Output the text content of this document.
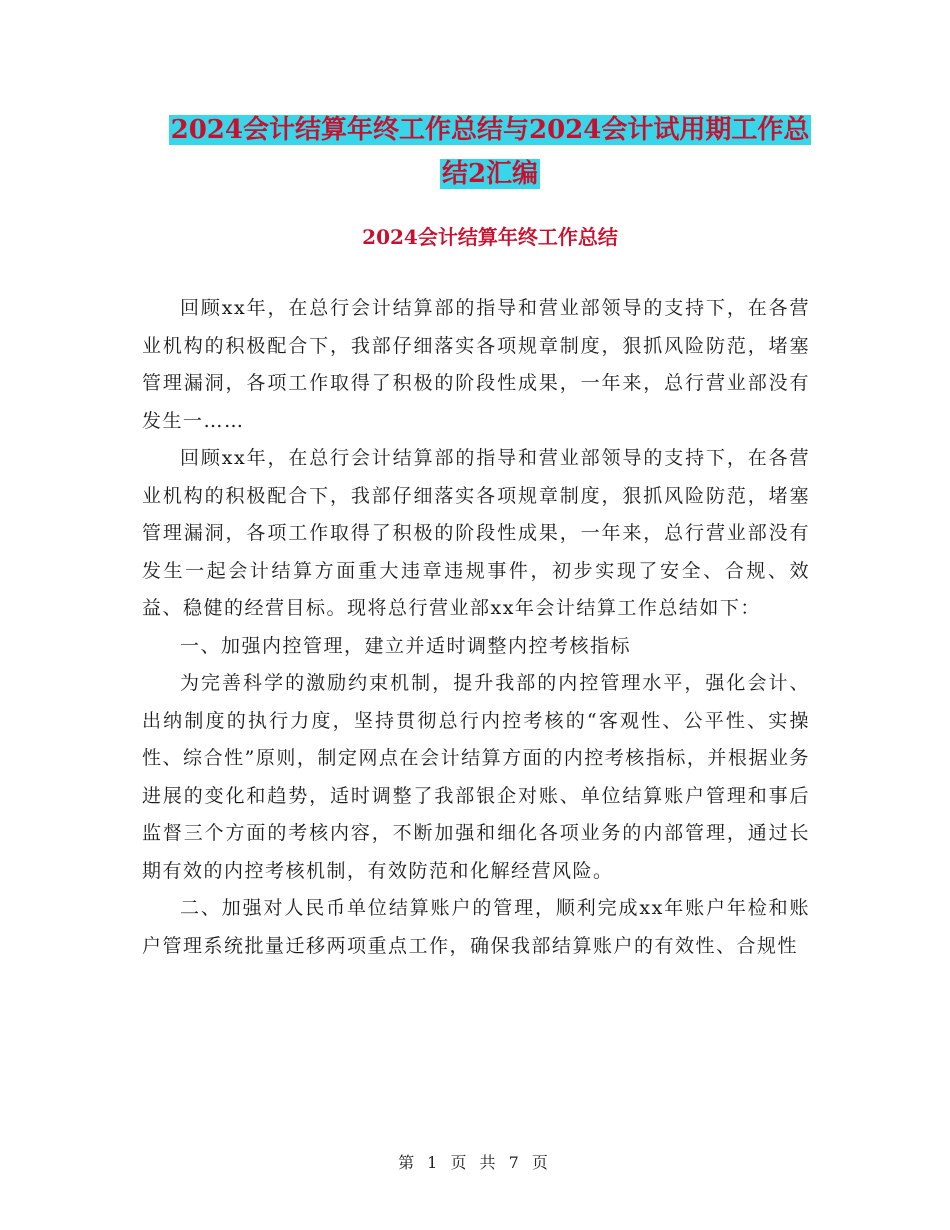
2024会计结算年终工作总结与2024会计试用期工作总
结2汇编
2024会计结算年终工作总结

回顾xx年，在总行会计结算部的指导和营业部领导的支持下，在各营业机构的积极配合下，我部仔细落实各项规章制度，狠抓风险防范，堵塞管理漏洞，各项工作取得了积极的阶段性成果，一年来，总行营业部没有发生一……

回顾xx年，在总行会计结算部的指导和营业部领导的支持下，在各营业机构的积极配合下，我部仔细落实各项规章制度，狠抓风险防范，堵塞管理漏洞，各项工作取得了积极的阶段性成果，一年来，总行营业部没有发生一起会计结算方面重大违章违规事件，初步实现了安全、合规、效益、稳健的经营目标。现将总行营业部xx年会计结算工作总结如下：

一、加强内控管理，建立并适时调整内控考核指标

为完善科学的激励约束机制，提升我部的内控管理水平，强化会计、出纳制度的执行力度，坚持贯彻总行内控考核的“客观性、公平性、实操性、综合性”原则，制定网点在会计结算方面的内控考核指标，并根据业务进展的变化和趋势，适时调整了我部银企对账、单位结算账户管理和事后监督三个方面的考核内容，不断加强和细化各项业务的内部管理，通过长期有效的内控考核机制，有效防范和化解经营风险。

二、加强对人民币单位结算账户的管理，顺利完成xx年账户年检和账户管理系统批量迁移两项重点工作，确保我部结算账户的有效性、合规性

第 1 页 共 7 页
